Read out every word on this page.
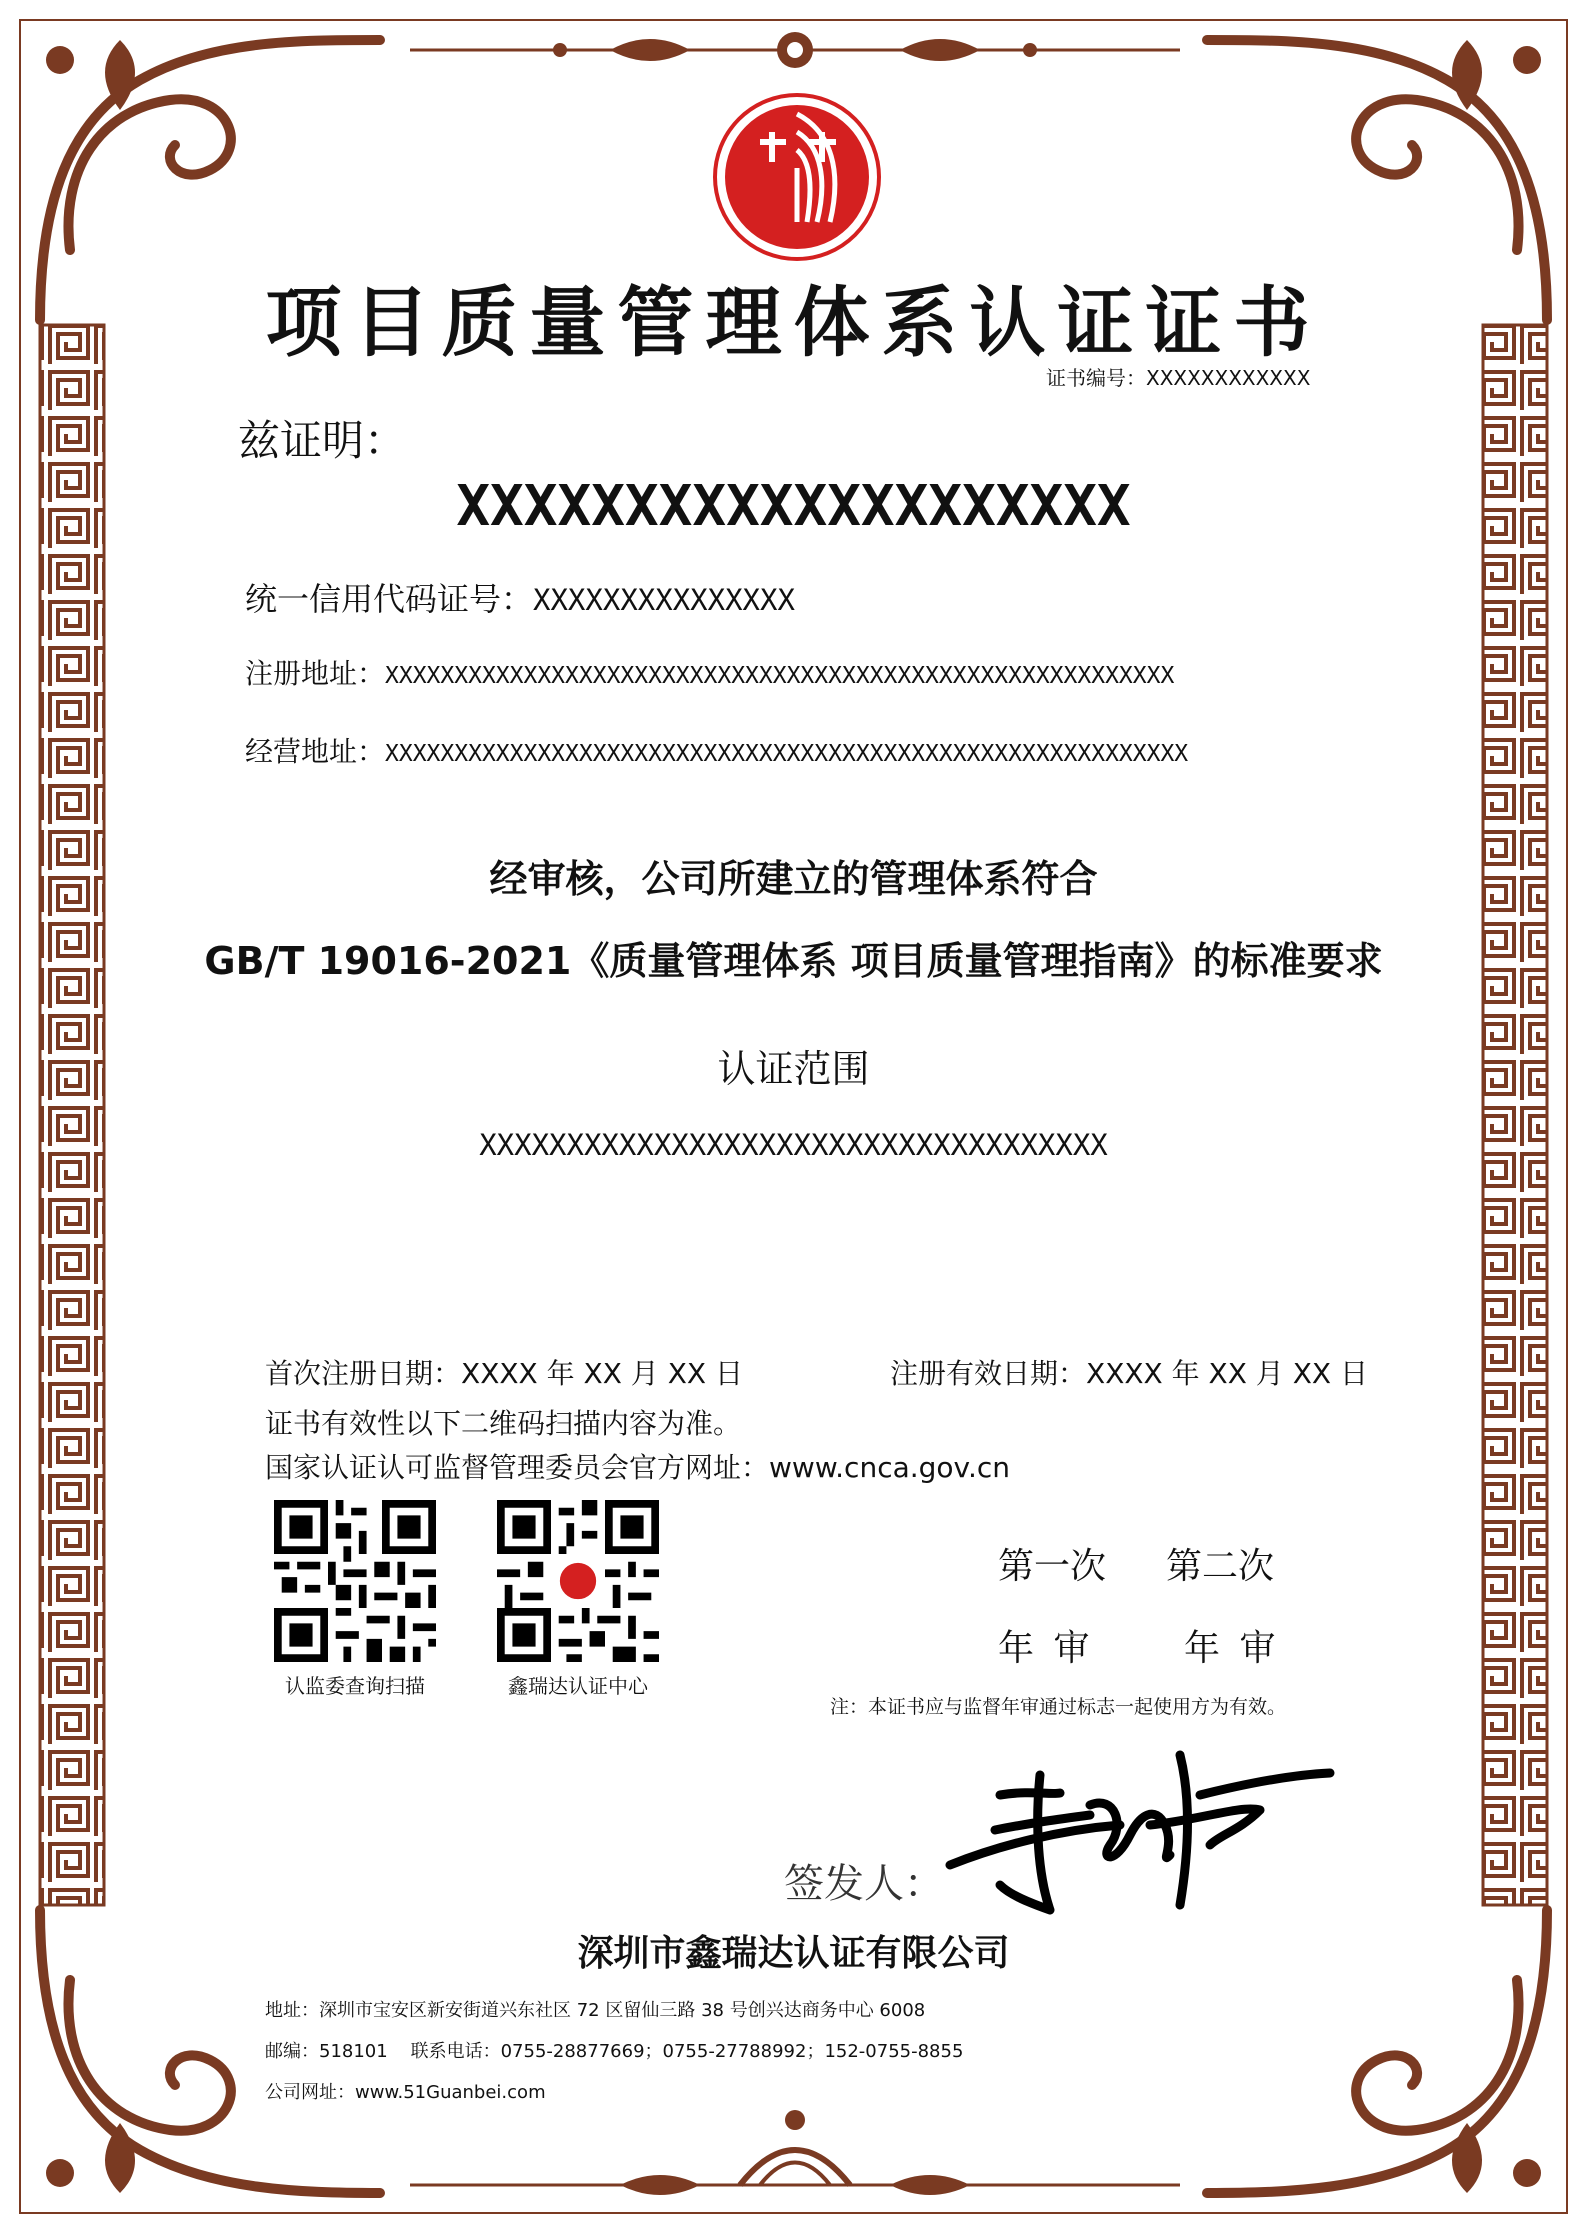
项目质量管理体系认证证书
证书编号：XXXXXXXXXXXX
兹证明：
XXXXXXXXXXXXXXXXXXXX
统一信用代码证号：XXXXXXXXXXXXXXX
注册地址：XXXXXXXXXXXXXXXXXXXXXXXXXXXXXXXXXXXXXXXXXXXXXXXXXXXXXXXXX
经营地址：XXXXXXXXXXXXXXXXXXXXXXXXXXXXXXXXXXXXXXXXXXXXXXXXXXXXXXXXXX
经审核，公司所建立的管理体系符合
GB/T 19016-2021《质量管理体系 项目质量管理指南》的标准要求
认证范围
XXXXXXXXXXXXXXXXXXXXXXXXXXXXXXXXXXXX
首次注册日期：XXXX 年 XX 月 XX 日	注册有效日期：XXXX 年 XX 月 XX 日
证书有效性以下二维码扫描内容为准。
国家认证认可监督管理委员会官方网址：www.cnca.gov.cn
认监委查询扫描	鑫瑞达认证中心
第一次 第二次
年 审	年 审
注：本证书应与监督年审通过标志一起使用方为有效。
签发人：
深圳市鑫瑞达认证有限公司
地址：深圳市宝安区新安街道兴东社区 72 区留仙三路 38 号创兴达商务中心 6008
邮编：518101    联系电话：0755-28877669；0755-27788992；152-0755-8855
公司网址：www.51Guanbei.com
